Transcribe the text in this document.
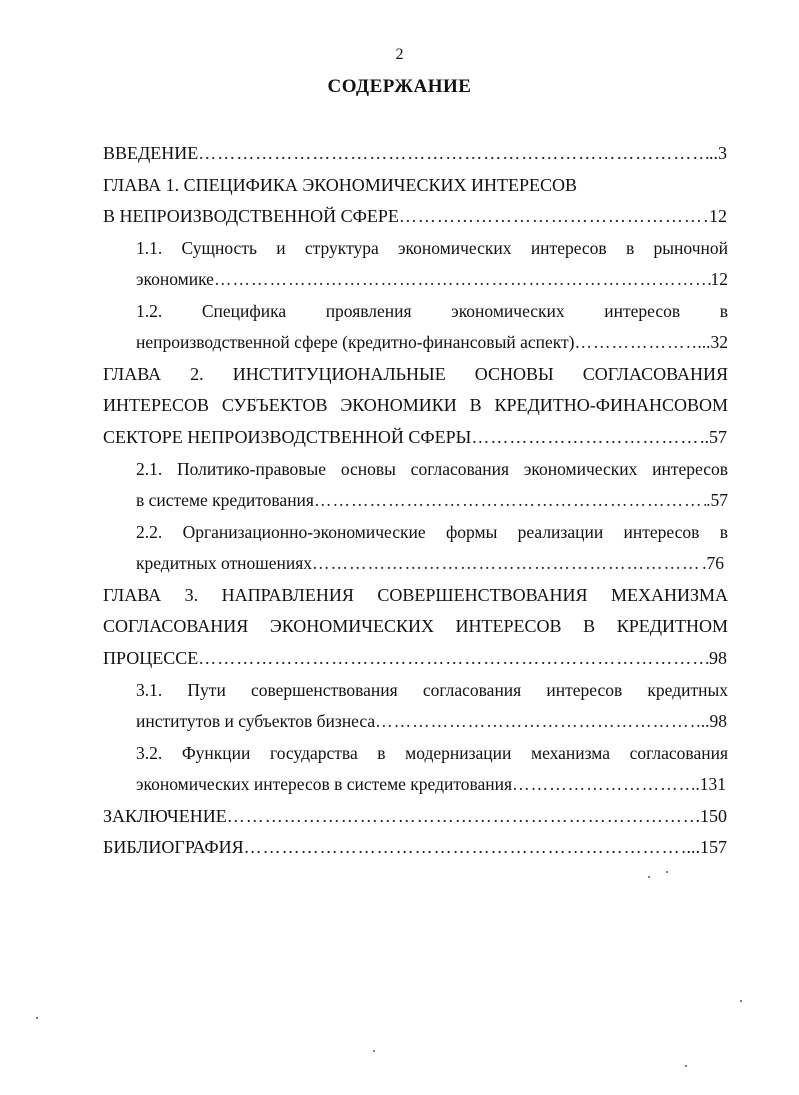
2
СОДЕРЖАНИЕ
ВВЕДЕНИЕ ………………………………………………………………………………………………………………………………………………………………………………………	..3
ГЛАВА 1. СПЕЦИФИКА ЭКОНОМИЧЕСКИХ ИНТЕРЕСОВ
В НЕПРОИЗВОДСТВЕННОЙ СФЕРЕ ………………………………………………………………………………………………………………………………………………………………………………………	12
1.1. Сущность и структура экономических интересов в рыночной
экономике ………………………………………………………………………………………………………………………………………………………………………………………	12
1.2. Специфика проявления экономических интересов в
непроизводственной сфере (кредитно-финансовый аспект) ………………………………………………………………………………………………………………………………………………………………………………………	...32
ГЛАВА 2. ИНСТИТУЦИОНАЛЬНЫЕ ОСНОВЫ СОГЛАСОВАНИЯ
ИНТЕРЕСОВ СУБЪЕКТОВ ЭКОНОМИКИ В КРЕДИТНО-ФИНАНСОВОМ
СЕКТОРЕ НЕПРОИЗВОДСТВЕННОЙ СФЕРЫ ………………………………………………………………………………………………………………………………………………………………………………………	..57
2.1. Политико-правовые основы согласования экономических интересов
в системе кредитования ………………………………………………………………………………………………………………………………………………………………………………………	.57
2.2. Организационно-экономические формы реализации интересов в
кредитных отношениях ………………………………………………………………………………………………………………………………………………………………………………………	.76
ГЛАВА 3. НАПРАВЛЕНИЯ СОВЕРШЕНСТВОВАНИЯ МЕХАНИЗМА
СОГЛАСОВАНИЯ ЭКОНОМИЧЕСКИХ ИНТЕРЕСОВ В КРЕДИТНОМ
ПРОЦЕССЕ ………………………………………………………………………………………………………………………………………………………………………………………	98
3.1. Пути совершенствования согласования интересов кредитных
институтов и субъектов бизнеса ………………………………………………………………………………………………………………………………………………………………………………………	..98
3.2. Функции государства в модернизации механизма согласования
экономических интересов в системе кредитования ………………………………………………………………………………………………………………………………………………………………………………………	.131
ЗАКЛЮЧЕНИЕ ………………………………………………………………………………………………………………………………………………………………………………………	.150
БИБЛИОГРАФИЯ ………………………………………………………………………………………………………………………………………………………………………………………	...157
